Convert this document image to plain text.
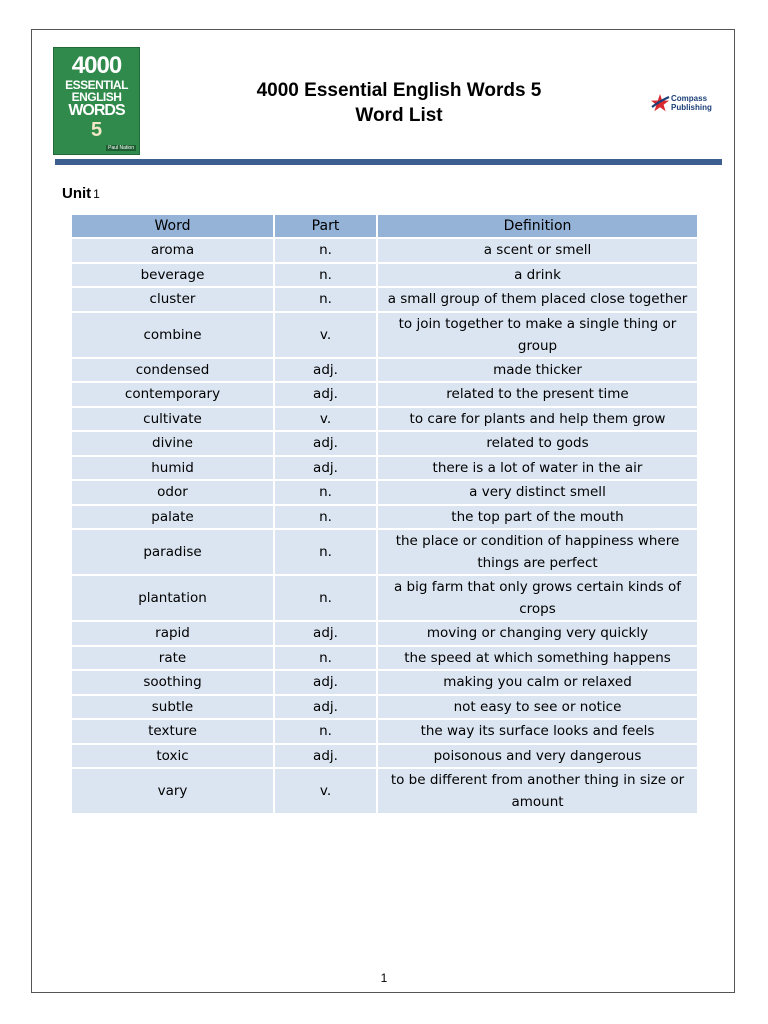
4000
ESSENTIAL
ENGLISH
WORDS
5
Paul Nation
4000 Essential English Words 5
Word List
Compass
Publishing
Unit 1
Word	Part	Definition
aroma	n.	a scent or smell
beverage	n.	a drink
cluster	n.	a small group of them placed close together
combine	v.	to join together to make a single thing or group
condensed	adj.	made thicker
contemporary	adj.	related to the present time
cultivate	v.	to care for plants and help them grow
divine	adj.	related to gods
humid	adj.	there is a lot of water in the air
odor	n.	a very distinct smell
palate	n.	the top part of the mouth
paradise	n.	the place or condition of happiness where things are perfect
plantation	n.	a big farm that only grows certain kinds of crops
rapid	adj.	moving or changing very quickly
rate	n.	the speed at which something happens
soothing	adj.	making you calm or relaxed
subtle	adj.	not easy to see or notice
texture	n.	the way its surface looks and feels
toxic	adj.	poisonous and very dangerous
vary	v.	to be different from another thing in size or amount
1
